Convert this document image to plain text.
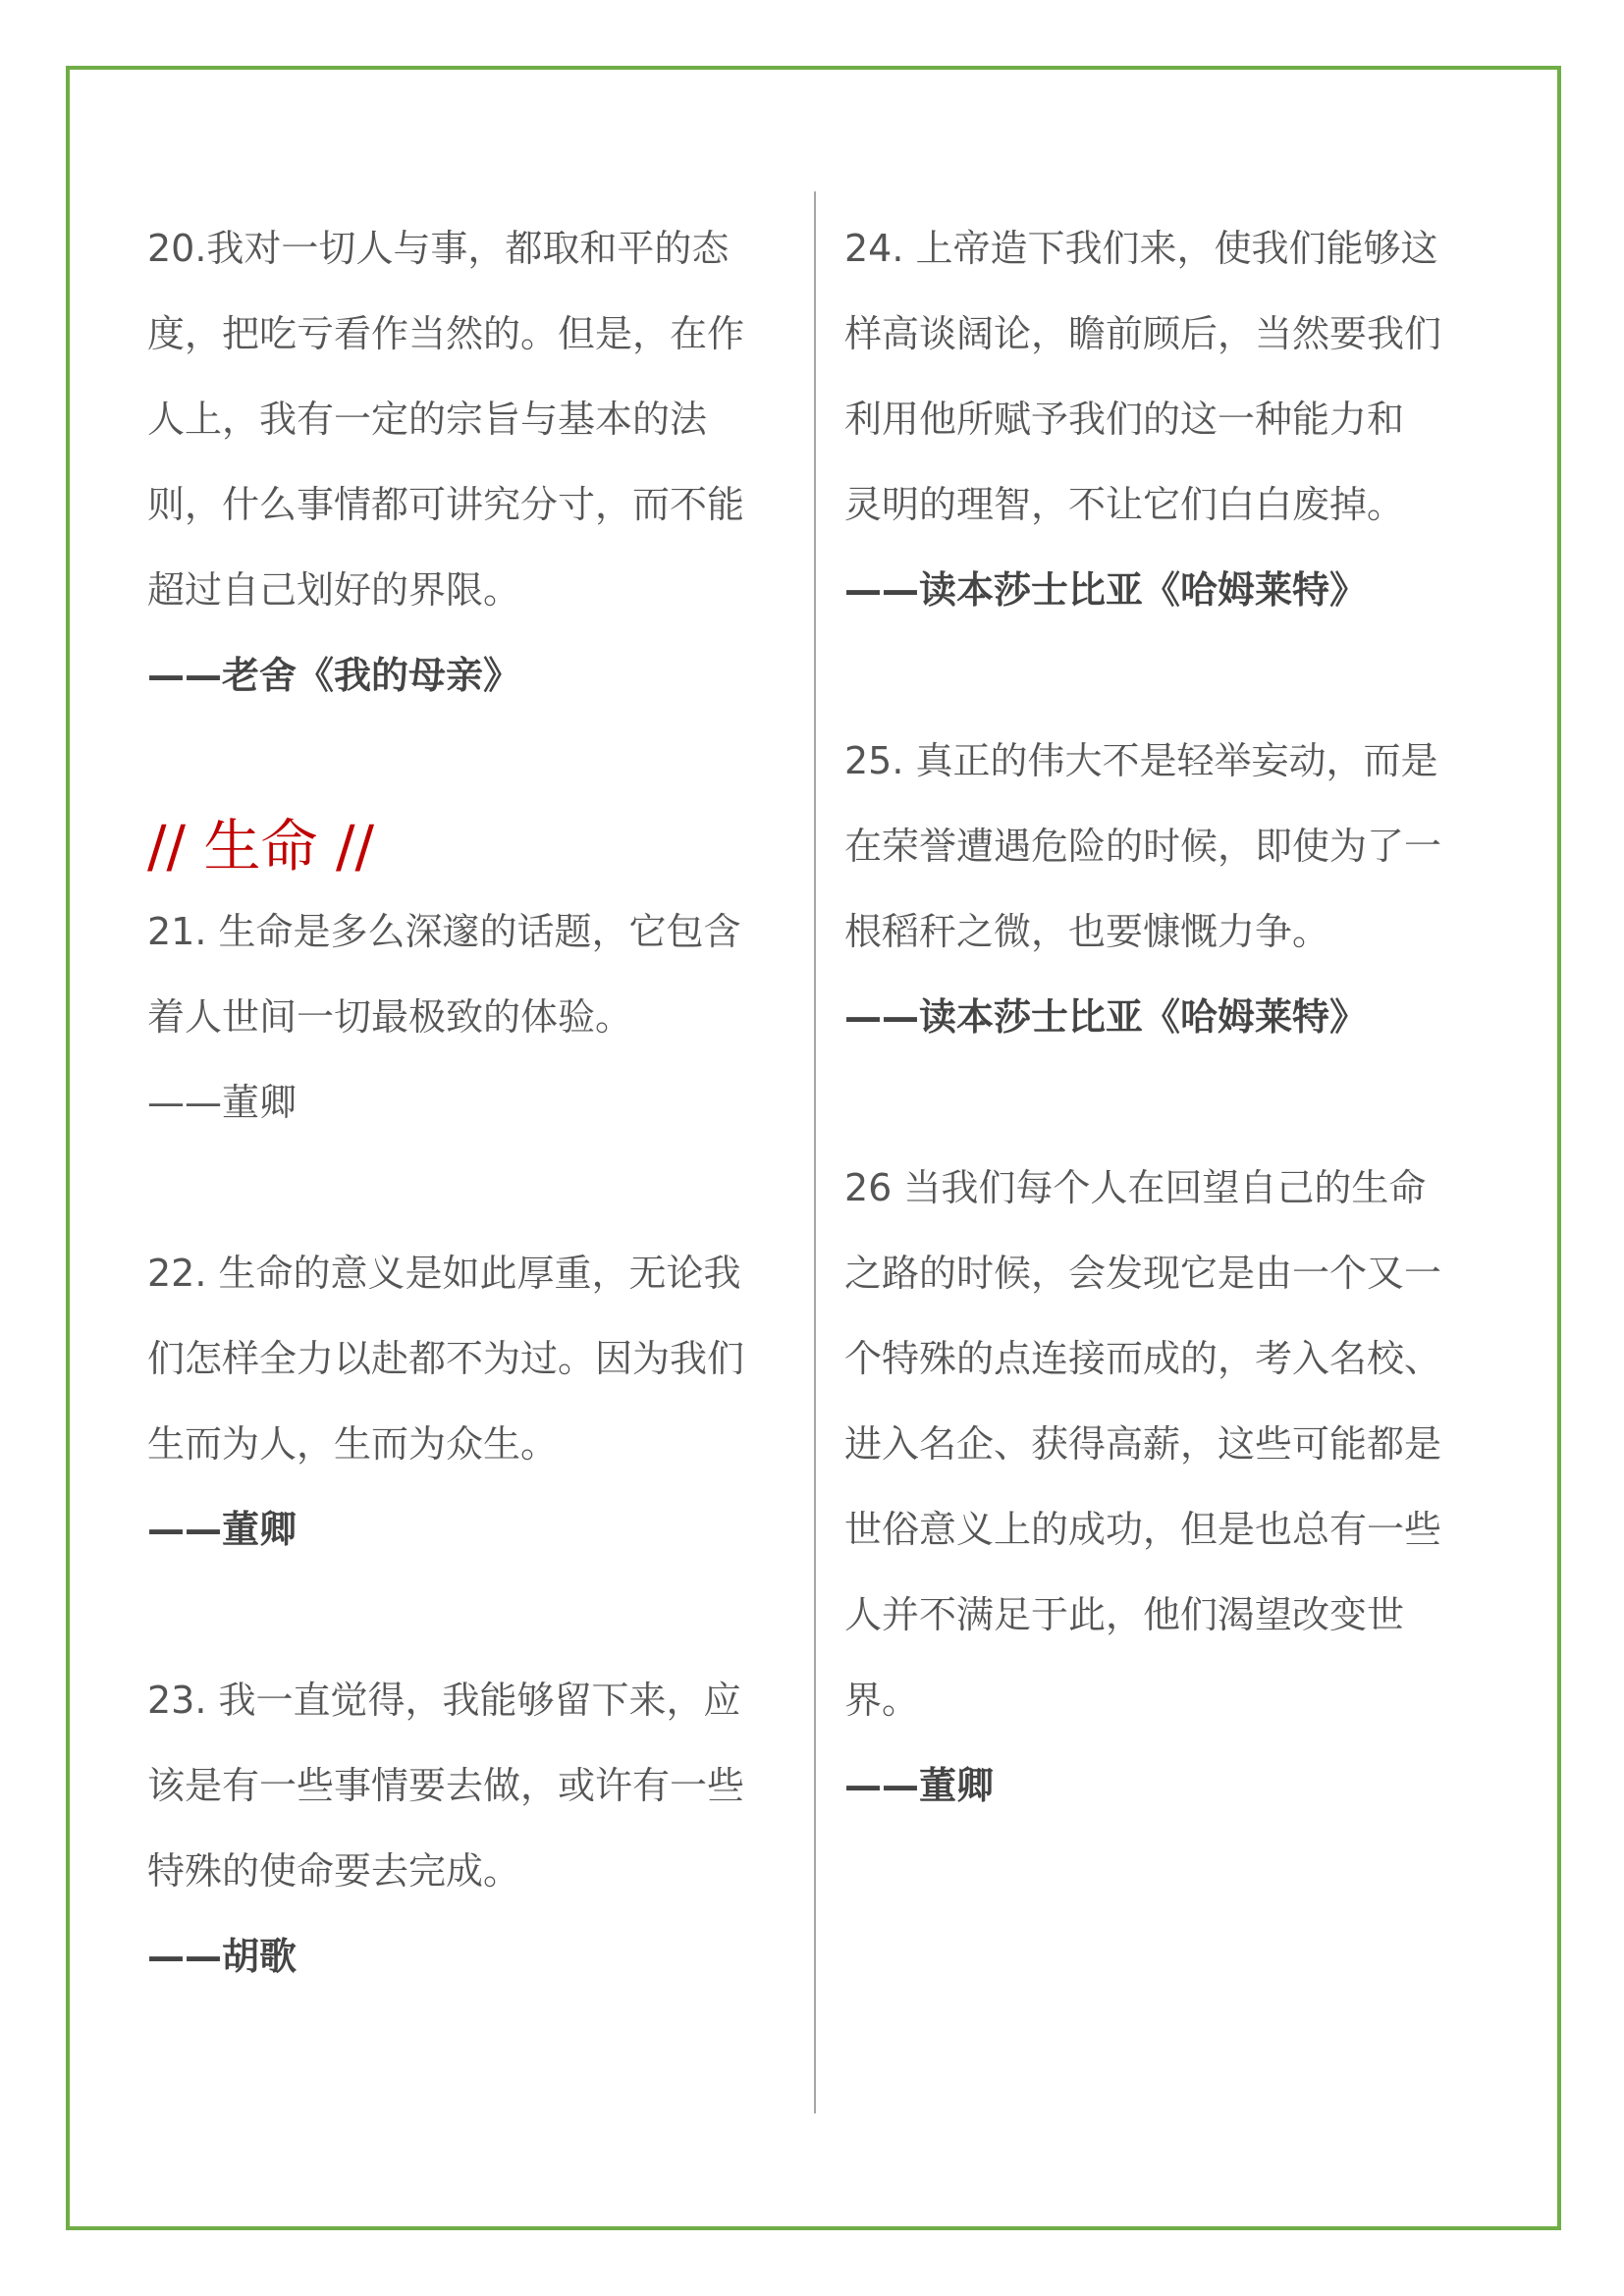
20.我对一切人与事，都取和平的态

度，把吃亏看作当然的。但是，在作

人上，我有一定的宗旨与基本的法

则，什么事情都可讲究分寸，而不能

超过自己划好的界限。

——老舍《我的母亲》

// 生命 //

21. 生命是多么深邃的话题，它包含

着人世间一切最极致的体验。

——董卿

22. 生命的意义是如此厚重，无论我

们怎样全力以赴都不为过。因为我们

生而为人，生而为众生。

——董卿

23. 我一直觉得，我能够留下来，应

该是有一些事情要去做，或许有一些

特殊的使命要去完成。

——胡歌

24. 上帝造下我们来，使我们能够这

样高谈阔论，瞻前顾后，当然要我们

利用他所赋予我们的这一种能力和

灵明的理智，不让它们白白废掉。

——读本莎士比亚《哈姆莱特》

25. 真正的伟大不是轻举妄动，而是

在荣誉遭遇危险的时候，即使为了一

根稻秆之微，也要慷慨力争。

——读本莎士比亚《哈姆莱特》

26 当我们每个人在回望自己的生命

之路的时候，会发现它是由一个又一

个特殊的点连接而成的，考入名校、

进入名企、获得高薪，这些可能都是

世俗意义上的成功，但是也总有一些

人并不满足于此，他们渴望改变世

界。

——董卿
